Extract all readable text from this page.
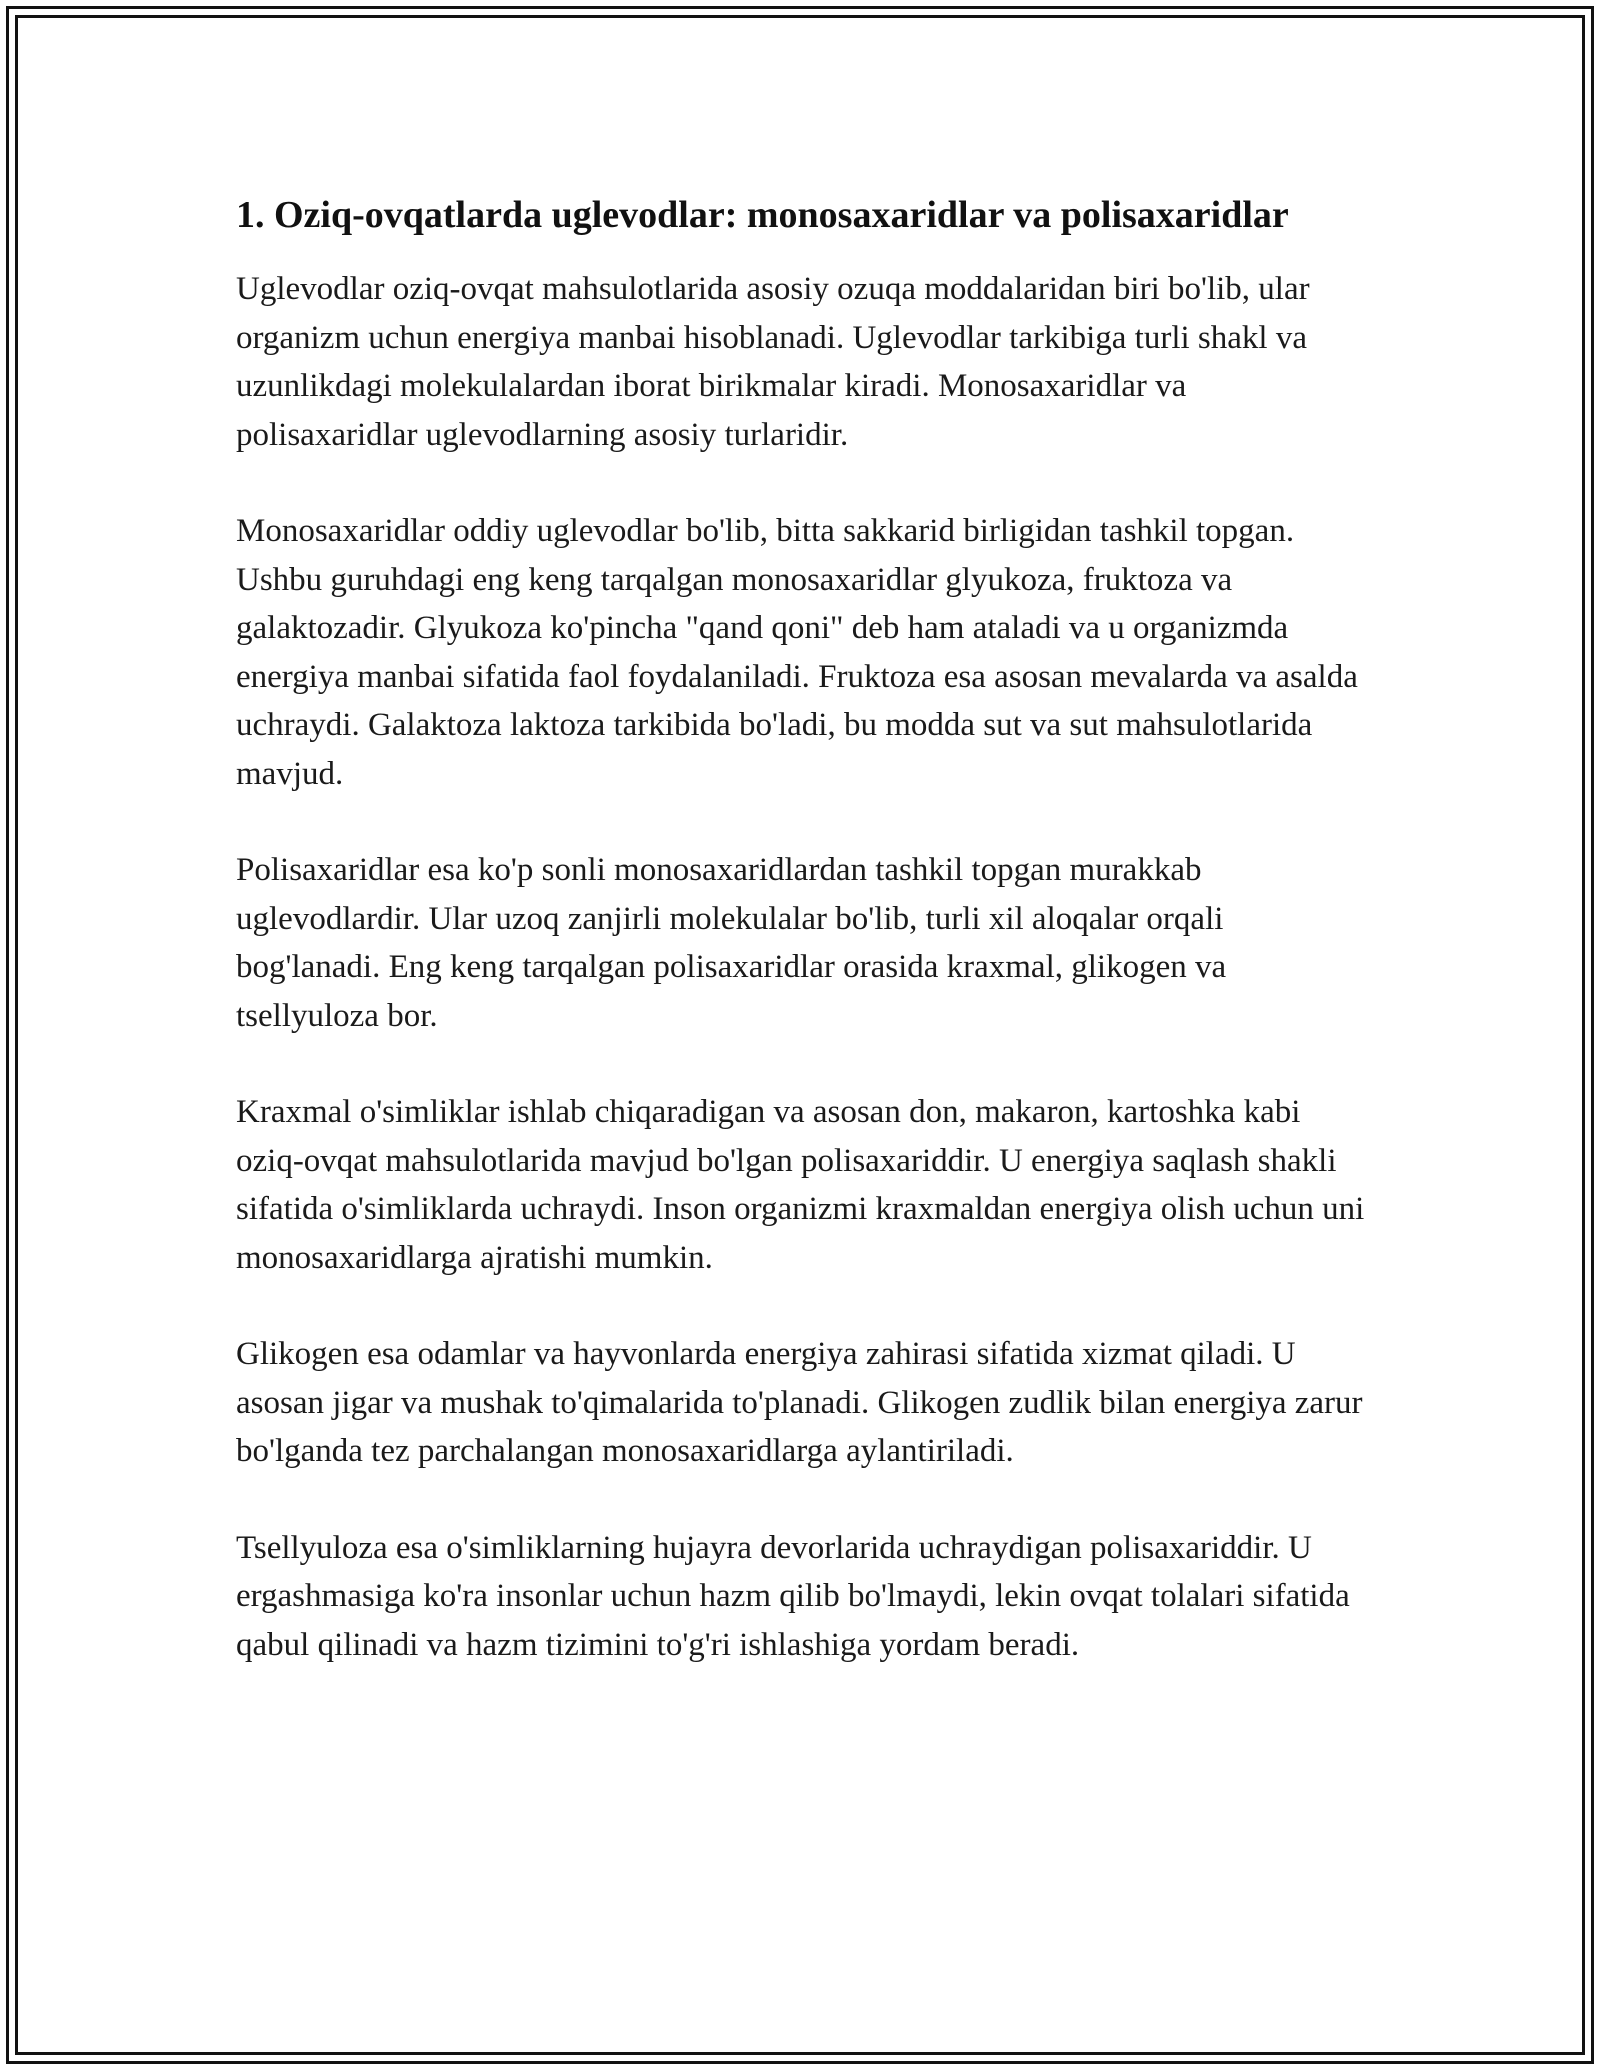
1. Oziq-ovqatlarda uglevodlar: monosaxaridlar va polisaxaridlar

Uglevodlar oziq-ovqat mahsulotlarida asosiy ozuqa moddalaridan biri bo'lib, ular organizm uchun energiya manbai hisoblanadi. Uglevodlar tarkibiga turli shakl va uzunlikdagi molekulalardan iborat birikmalar kiradi. Monosaxaridlar va polisaxaridlar uglevodlarning asosiy turlaridir.

Monosaxaridlar oddiy uglevodlar bo'lib, bitta sakkarid birligidan tashkil topgan. Ushbu guruhdagi eng keng tarqalgan monosaxaridlar glyukoza, fruktoza va galaktozadir. Glyukoza ko'pincha "qand qoni" deb ham ataladi va u organizmda energiya manbai sifatida faol foydalaniladi. Fruktoza esa asosan mevalarda va asalda uchraydi. Galaktoza laktoza tarkibida bo'ladi, bu modda sut va sut mahsulotlarida mavjud.

Polisaxaridlar esa ko'p sonli monosaxaridlardan tashkil topgan murakkab uglevodlardir. Ular uzoq zanjirli molekulalar bo'lib, turli xil aloqalar orqali bog'lanadi. Eng keng tarqalgan polisaxaridlar orasida kraxmal, glikogen va tsellyuloza bor.

Kraxmal o'simliklar ishlab chiqaradigan va asosan don, makaron, kartoshka kabi oziq-ovqat mahsulotlarida mavjud bo'lgan polisaxariddir. U energiya saqlash shakli sifatida o'simliklarda uchraydi. Inson organizmi kraxmaldan energiya olish uchun uni monosaxaridlarga ajratishi mumkin.

Glikogen esa odamlar va hayvonlarda energiya zahirasi sifatida xizmat qiladi. U asosan jigar va mushak to'qimalarida to'planadi. Glikogen zudlik bilan energiya zarur bo'lganda tez parchalangan monosaxaridlarga aylantiriladi.

Tsellyuloza esa o'simliklarning hujayra devorlarida uchraydigan polisaxariddir. U ergashmasiga ko'ra insonlar uchun hazm qilib bo'lmaydi, lekin ovqat tolalari sifatida qabul qilinadi va hazm tizimini to'g'ri ishlashiga yordam beradi.
